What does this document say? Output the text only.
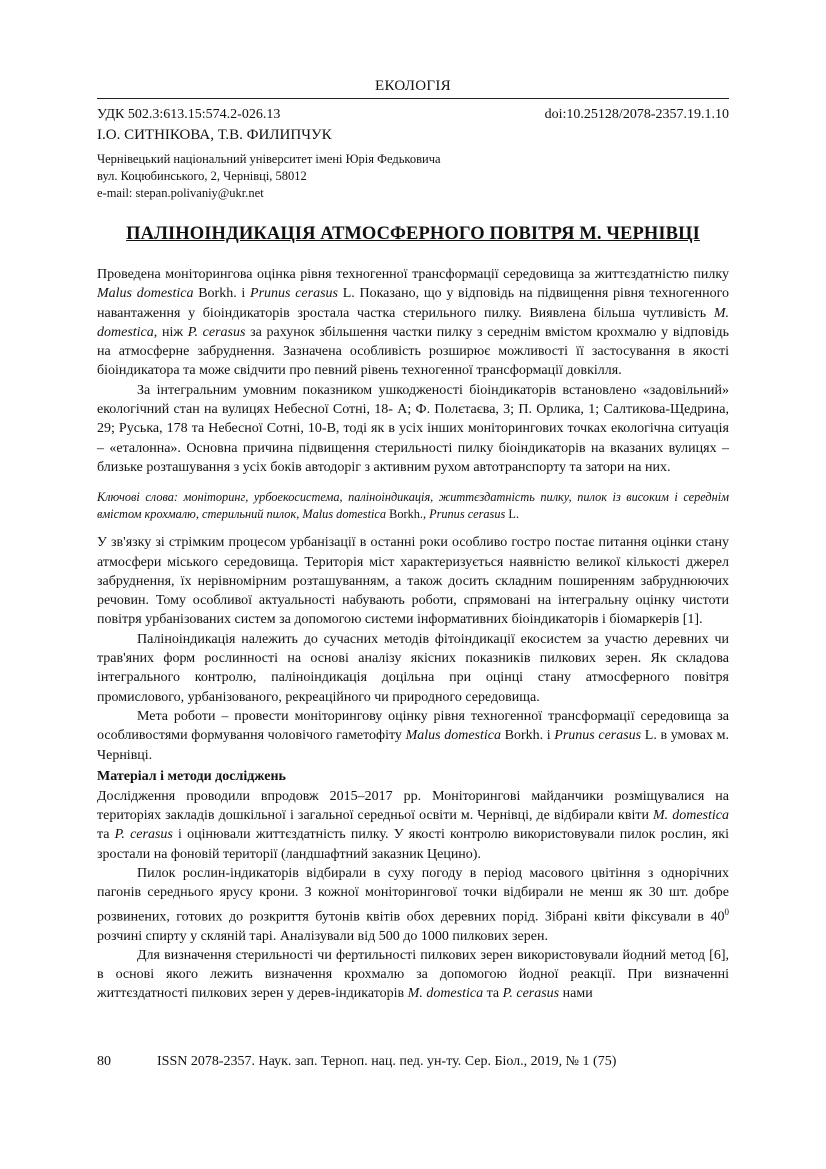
ЕКОЛОГІЯ
УДК 502.3:613.15:574.2-026.13	doi:10.25128/2078-2357.19.1.10
І.О. СИТНІКОВА, Т.В. ФИЛИПЧУК
Чернівецький національний університет імені Юрія Федьковича
вул. Коцюбинського, 2, Чернівці, 58012
e-mail: stepan.polivaniy@ukr.net
ПАЛІНОІНДИКАЦІЯ АТМОСФЕРНОГО ПОВІТРЯ М. ЧЕРНІВЦІ

Проведена моніторингова оцінка рівня техногенної трансформації середовища за життєздатністю пилку Malus domestica Borkh. і Prunus cerasus L. Показано, що у відповідь на підвищення рівня техногенного навантаження у біоіндикаторів зростала частка стерильного пилку. Виявлена більша чутливість M. domestica, ніж P. cerasus за рахунок збільшення частки пилку з середнім вмістом крохмалю у відповідь на атмосферне забруднення. Зазначена особливість розширює можливості її застосування в якості біоіндикатора та може свідчити про певний рівень техногенної трансформації довкілля.

За інтегральним умовним показником ушкодженості біоіндикаторів встановлено «задовільний» екологічний стан на вулицях Небесної Сотні, 18- А; Ф. Полєтаєва, 3; П. Орлика, 1; Салтикова-Щедрина, 29; Руська, 178 та Небесної Сотні, 10-В, тоді як в усіх інших моніторингових точках екологічна ситуація – «еталонна». Основна причина підвищення стерильності пилку біоіндикаторів на вказаних вулицях – близьке розташування з усіх боків автодоріг з активним рухом автотранспорту та затори на них.

Ключові слова: моніторинг, урбоекосистема, паліноіндикація, життєздатність пилку, пилок із високим і середнім вмістом крохмалю, стерильний пилок, Malus domestica Borkh., Prunus cerasus L.

У зв'язку зі стрімким процесом урбанізації в останні роки особливо гостро постає питання оцінки стану атмосфери міського середовища. Територія міст характеризується наявністю великої кількості джерел забруднення, їх нерівномірним розташуванням, а також досить складним поширенням забруднюючих речовин. Тому особливої актуальності набувають роботи, спрямовані на інтегральну оцінку чистоти повітря урбанізованих систем за допомогою системи інформативних біоіндикаторів і біомаркерів [1].

Паліноіндикація належить до сучасних методів фітоіндикації екосистем за участю деревних чи трав'яних форм рослинності на основі аналізу якісних показників пилкових зерен. Як складова інтегрального контролю, паліноіндикація доцільна при оцінці стану атмосферного повітря промислового, урбанізованого, рекреаційного чи природного середовища.

Мета роботи – провести моніторингову оцінку рівня техногенної трансформації середовища за особливостями формування чоловічого гаметофіту Malus domestica Borkh. і Prunus cerasus L. в умовах м. Чернівці.

Матеріал і методи досліджень

Дослідження проводили впродовж 2015–2017 рр. Моніторингові майданчики розміщувалися на територіях закладів дошкільної і загальної середньої освіти м. Чернівці, де відбирали квіти M. domestica та P. cerasus і оцінювали життєздатність пилку. У якості контролю використовували пилок рослин, які зростали на фоновій території (ландшафтний заказник Цецино).

Пилок рослин-індикаторів відбирали в суху погоду в період масового цвітіння з однорічних пагонів середнього ярусу крони. З кожної моніторингової точки відбирали не менш як 30 шт. добре розвинених, готових до розкриття бутонів квітів обох деревних порід. Зібрані квіти фіксували в $40^0$ розчині спирту у скляній тарі. Аналізували від 500 до 1000 пилкових зерен.

Для визначення стерильності чи фертильності пилкових зерен використовували йодний метод [6], в основі якого лежить визначення крохмалю за допомогою йодної реакції. При визначенні життєздатності пилкових зерен у дерев-індикаторів M. domestica та P. cerasus нами

80	ISSN 2078-2357. Наук. зап. Терноп. нац. пед. ун-ту. Сер. Біол., 2019, № 1 (75)
